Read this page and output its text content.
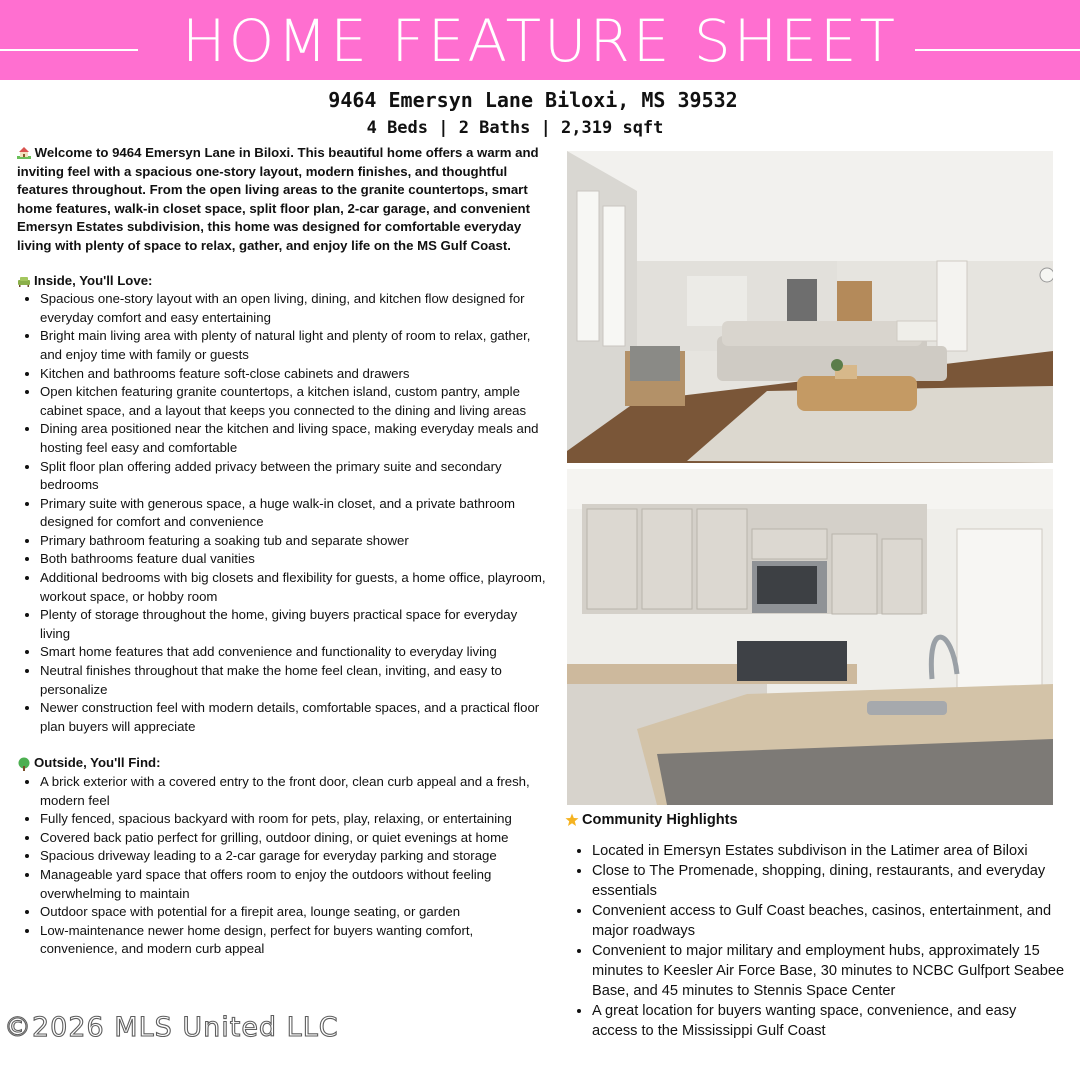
HOME FEATURE SHEET
9464 Emersyn Lane Biloxi, MS 39532
4 Beds | 2 Baths | 2,319 sqft

Welcome to 9464 Emersyn Lane in Biloxi. This beautiful home offers a warm and inviting feel with a spacious one-story layout, modern finishes, and thoughtful features throughout. From the open living areas to the granite countertops, smart home features, walk-in closet space, split floor plan, 2-car garage, and convenient Emersyn Estates subdivision, this home was designed for comfortable everyday living with plenty of space to relax, gather, and enjoy life on the MS Gulf Coast.

Inside, You'll Love:

• Spacious one-story layout with an open living, dining, and kitchen flow designed for everyday comfort and easy entertaining
• Bright main living area with plenty of natural light and plenty of room to relax, gather, and enjoy time with family or guests
• Kitchen and bathrooms feature soft-close cabinets and drawers
• Open kitchen featuring granite countertops, a kitchen island, custom pantry, ample cabinet space, and a layout that keeps you connected to the dining and living areas
• Dining area positioned near the kitchen and living space, making everyday meals and hosting feel easy and comfortable
• Split floor plan offering added privacy between the primary suite and secondary bedrooms
• Primary suite with generous space, a huge walk-in closet, and a private bathroom designed for comfort and convenience
• Primary bathroom featuring a soaking tub and separate shower
• Both bathrooms feature dual vanities
• Additional bedrooms with big closets and flexibility for guests, a home office, playroom, workout space, or hobby room
• Plenty of storage throughout the home, giving buyers practical space for everyday living
• Smart home features that add convenience and functionality to everyday living
• Neutral finishes throughout that make the home feel clean, inviting, and easy to personalize
• Newer construction feel with modern details, comfortable spaces, and a practical floor plan buyers will appreciate

Outside, You'll Find:

• A brick exterior with a covered entry to the front door, clean curb appeal and a fresh, modern feel
• Fully fenced, spacious backyard with room for pets, play, relaxing, or entertaining
• Covered back patio perfect for grilling, outdoor dining, or quiet evenings at home
• Spacious driveway leading to a 2-car garage for everyday parking and storage
• Manageable yard space that offers room to enjoy the outdoors without feeling overwhelming to maintain
• Outdoor space with potential for a firepit area, lounge seating, or garden
• Low-maintenance newer home design, perfect for buyers wanting comfort, convenience, and modern curb appeal
Community Highlights
• Located in Emersyn Estates subdivison in the Latimer area of Biloxi
• Close to The Promenade, shopping, dining, restaurants, and everyday essentials
• Convenient access to Gulf Coast beaches, casinos, entertainment, and major roadways
• Convenient to major military and employment hubs, approximately 15 minutes to Keesler Air Force Base, 30 minutes to NCBC Gulfport Seabee Base, and 45 minutes to Stennis Space Center
• A great location for buyers wanting space, convenience, and easy access to the Mississippi Gulf Coast
©2026 MLS United LLC
